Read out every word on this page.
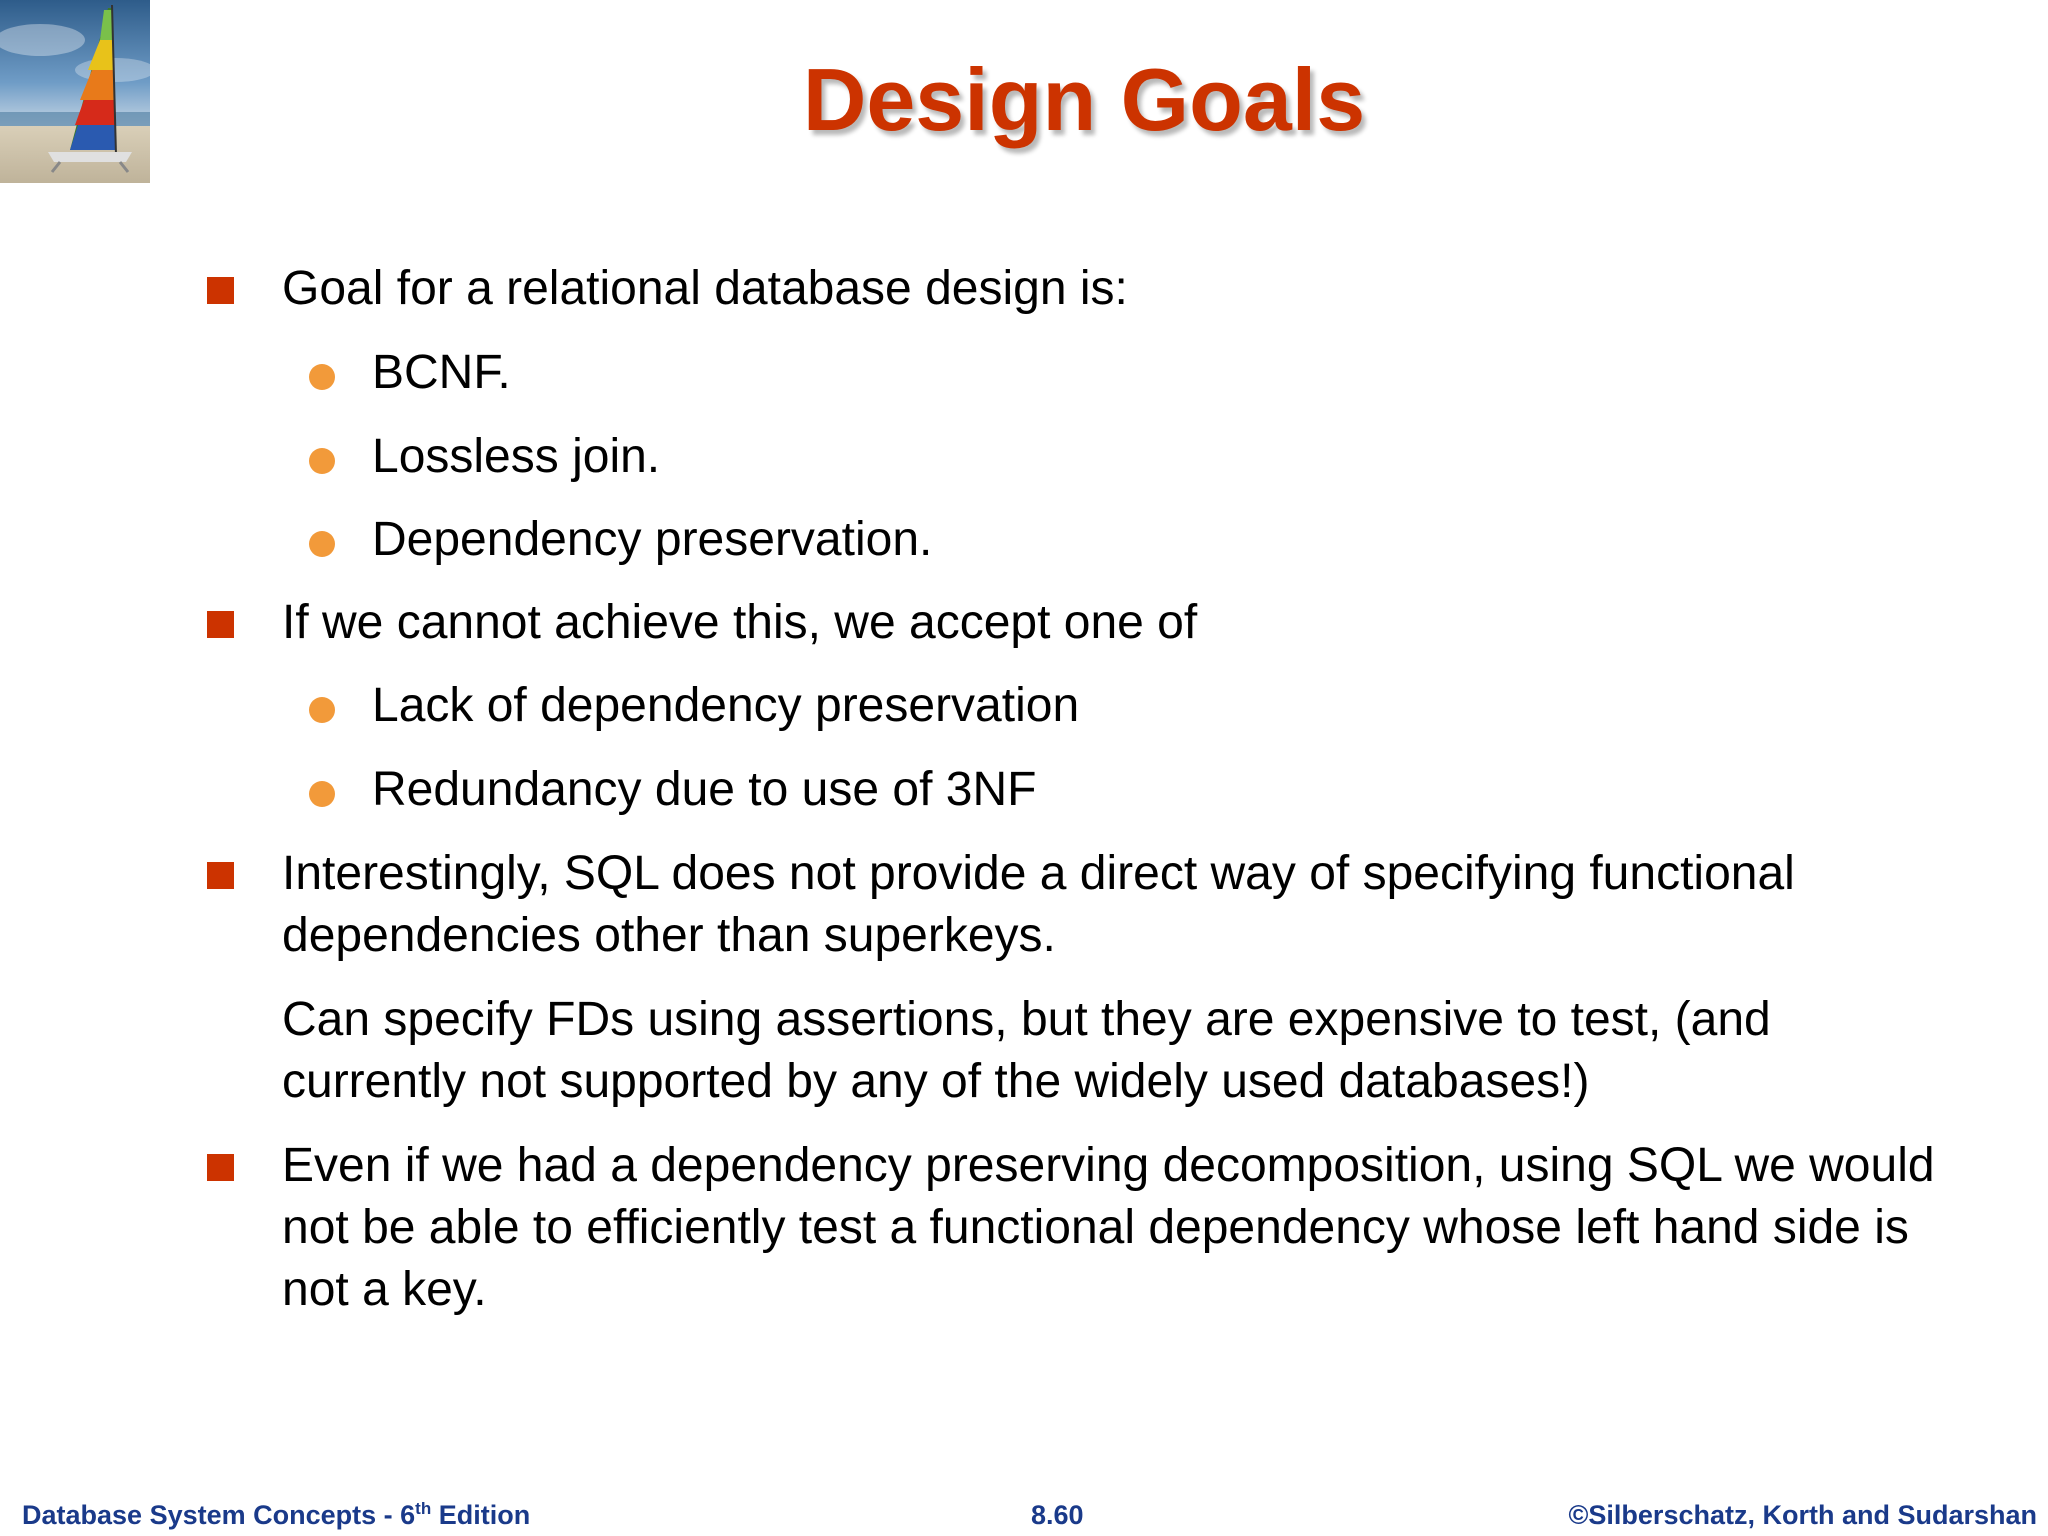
Design Goals
Goal for a relational database design is:
BCNF.
Lossless join.
Dependency preservation.
If we cannot achieve this, we accept one of
Lack of dependency preservation
Redundancy due to use of 3NF
Interestingly, SQL does not provide a direct way of specifying functional dependencies other than superkeys.
Can specify FDs using assertions, but they are expensive to test, (and currently not supported by any of the widely used databases!)
Even if we had a dependency preserving decomposition, using SQL we would not be able to efficiently test a functional dependency whose left hand side is not a key.
Database System Concepts - 6th Edition	8.60	©Silberschatz, Korth and Sudarshan
